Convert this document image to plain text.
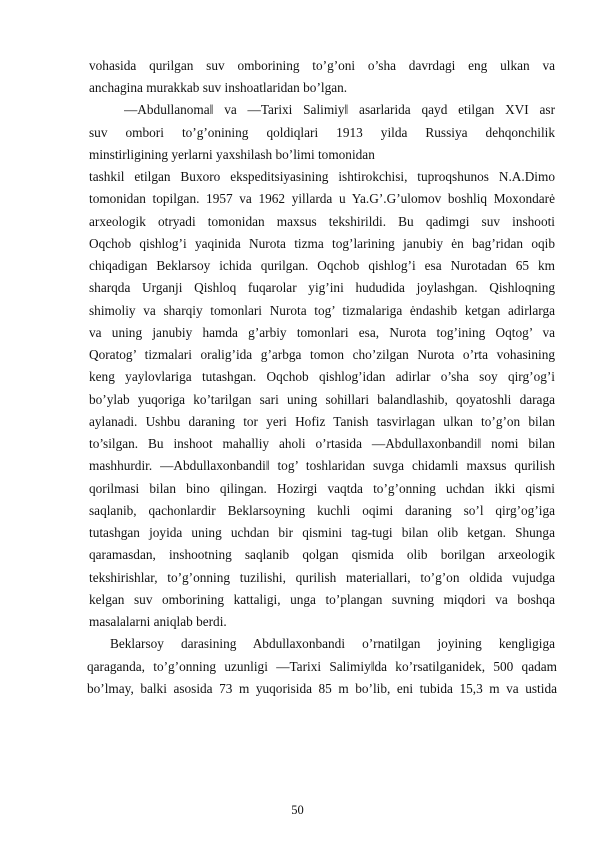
vohasida qurilgan suv omborining to’g’oni o’sha davrdagi eng ulkan va
anchagina murakkab suv inshoatlaridan bo’lgan.
―Abdullanoma‖ va ―Tarixi Salimiy‖ asarlarida qayd etilgan XVI asr
suv ombori to’g’onining qoldiqlari 1913 yilda Russiya dehqonchilik
minstirligining yerlarni yaxshilash bo’limi tomonidan
tashkil etilgan Buxoro ekspeditsiyasining ishtirokchisi, tuproqshunos N.A.Dimo
tomonidan topilgan. 1957 va 1962 yillarda u Ya.G’.G’ulomov boshliq Moxondarė
arxeologik otryadi tomonidan maxsus tekshirildi. Bu qadimgi suv inshooti
Oqchob qishlog’i yaqinida Nurota tizma tog’larining janubiy ėn bag’ridan oqib
chiqadigan Beklarsoy ichida qurilgan. Oqchob qishlog’i esa Nurotadan 65 km
sharqda Urganji Qishloq fuqarolar yig’ini hududida joylashgan. Qishloqning
shimoliy va sharqiy tomonlari Nurota tog’ tizmalariga ėndashib ketgan adirlarga
va uning janubiy hamda g’arbiy tomonlari esa, Nurota tog’ining Oqtog’ va
Qoratog’ tizmalari oralig’ida g’arbga tomon cho’zilgan Nurota o’rta vohasining
keng yaylovlariga tutashgan. Oqchob qishlog’idan adirlar o’sha soy qirg’og’i
bo’ylab yuqoriga ko’tarilgan sari uning sohillari balandlashib, qoyatoshli daraga
aylanadi. Ushbu daraning tor yeri Hofiz Tanish tasvirlagan ulkan to’g’on bilan
to’silgan. Bu inshoot mahalliy aholi o’rtasida ―Abdullaxonbandi‖ nomi bilan
mashhurdir. ―Abdullaxonbandi‖ tog’ toshlaridan suvga chidamli maxsus qurilish
qorilmasi bilan bino qilingan. Hozirgi vaqtda to’g’onning uchdan ikki qismi
saqlanib, qachonlardir Beklarsoyning kuchli oqimi daraning so’l qirg’og’iga
tutashgan joyida uning uchdan bir qismini tag-tugi bilan olib ketgan. Shunga
qaramasdan, inshootning saqlanib qolgan qismida olib borilgan arxeologik
tekshirishlar, to’g’onning tuzilishi, qurilish materiallari, to’g’on oldida vujudga
kelgan suv omborining kattaligi, unga to’plangan suvning miqdori va boshqa
masalalarni aniqlab berdi.
Beklarsoy darasining Abdullaxonbandi o’rnatilgan joyining kengligiga
qaraganda, to’g’onning uzunligi ―Tarixi Salimiy‖da ko’rsatilganidek, 500 qadam
bo’lmay, balki asosida 73 m yuqorisida 85 m bo’lib, eni tubida 15,3 m va ustida
50
